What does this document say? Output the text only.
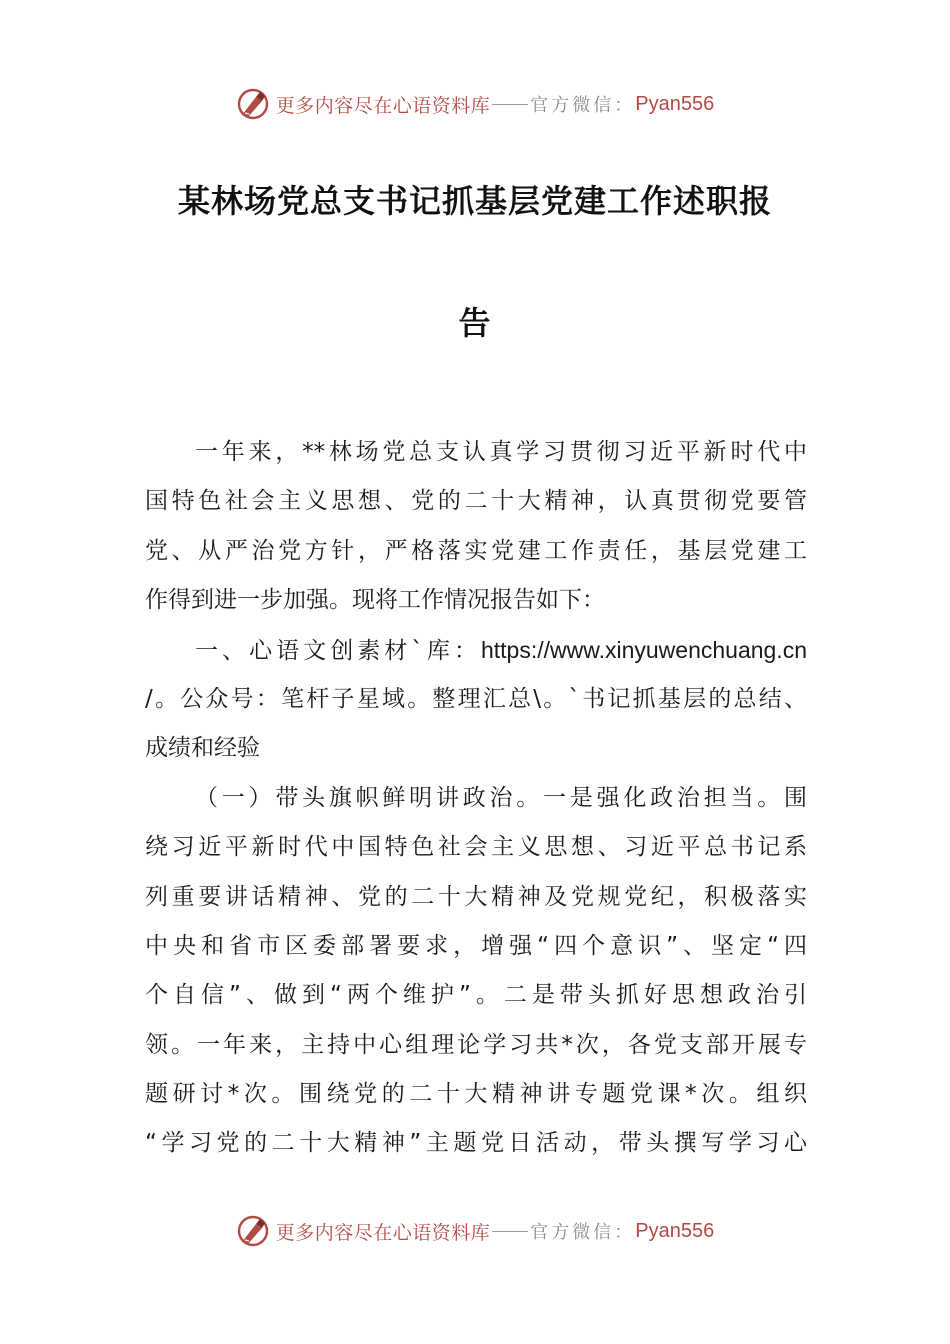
更多内容尽在心语资料库 官方微信： Pyan556
某林场党总支书记抓基层党建工作述职报
告
一年来，**林场党总支认真学习贯彻习近平新时代中
国特色社会主义思想、党的二十大精神，认真贯彻党要管
党、从严治党方针，严格落实党建工作责任，基层党建工
作得到进一步加强。现将工作情况报告如下：
一、心语文创素材`库：https://www.xinyuwenchuang.cn
/。公众号：笔杆子星域。整理汇总\。`书记抓基层的总结、
成绩和经验
（一）带头旗帜鲜明讲政治。一是强化政治担当。围
绕习近平新时代中国特色社会主义思想、习近平总书记系
列重要讲话精神、党的二十大精神及党规党纪，积极落实
中央和省市区委部署要求，增强“四个意识”、坚定“四
个自信”、做到“两个维护”。二是带头抓好思想政治引
领。一年来，主持中心组理论学习共*次，各党支部开展专
题研讨*次。围绕党的二十大精神讲专题党课*次。组织
“学习党的二十大精神”主题党日活动，带头撰写学习心
更多内容尽在心语资料库 官方微信： Pyan556
